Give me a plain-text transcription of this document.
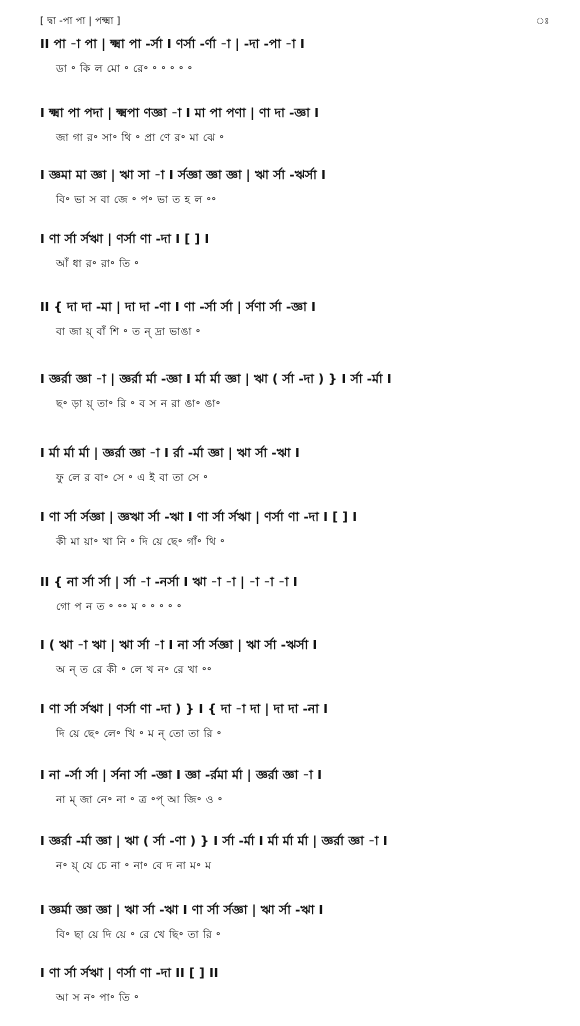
[ দ্বা -পা পা | পক্ষ্মা ]	ঃ
II পা -া পা | ক্ষ্মা পা -র্সা I ণর্সা -র্ণা -া | -দা -পা -া I
ডা ॰ কি ল মো ॰ রে॰ ॰ ॰ ॰ ॰ ॰
I ক্ষ্মা পা পদা | ক্ষ্মপা ণজ্ঞা -া I মা পা পণা | ণা দা -জ্ঞা I
জা গা র॰ সা॰ থি ॰ প্রা ণে র॰ মা ঝে ॰
I জ্ঞমা মা জ্ঞা | ঋা সা -া I র্সজ্ঞা জ্ঞা জ্ঞা | ঋা র্সা -ঋর্সা I
বি॰ ভা স বা জে ॰ প॰ ভা ত হ ল ॰॰
I ণা র্সা র্সঋা | ণর্সা ণা -দা I [ ] I
আঁ ধা র॰ রা॰ তি ॰
II { দা দা -মা | দা দা -ণা I ণা -র্সা র্সা | র্সণা র্সা -জ্ঞা I
বা জা য়্ বাঁ শি ॰ ত ন্ দ্রা ভাঙা ॰
I জ্ঞর্রা জ্ঞা -া | জ্ঞর্রা র্মা -জ্ঞা I র্মা র্মা জ্ঞা | ঋা ( র্সা -দা ) } I র্সা -র্মা I
ছ॰ ড়া য়্ তা॰ রি ॰ ব স ন রা ঙা॰ ঙা॰
I র্মা র্মা র্মা | জ্ঞর্রা জ্ঞা -া I র্রা -র্মা জ্ঞা | ঋা র্সা -ঋা I
ফু লে র বা॰ সে ॰ এ ই বা তা সে ॰
I ণা র্সা র্সজ্ঞা | জ্ঞঋা র্সা -ঋা I ণা র্সা র্সঋা | ণর্সা ণা -দা I [ ] I
কী মা য়া॰ খা নি ॰ দি য়ে ছে॰ গাঁ॰ থি ॰
II { না র্সা র্সা | র্সা -া -নর্সা I ঋা -া -া | -া -া -া I
গো প ন ত ॰ ॰॰ ম ॰ ॰ ॰ ॰ ॰
I ( ঋা -া ঋা | ঋা র্সা -া I না র্সা র্সজ্ঞা | ঋা র্সা -ঋর্সা I
অ ন্ ত রে কী ॰ লে খ ন॰ রে খা ॰॰
I ণা র্সা র্সঋা | ণর্সা ণা -দা ) } I { দা -া দা | দা দা -না I
দি য়ে ছে॰ লে॰ খি ॰ ম ন্ তো তা রি ॰
I না -র্সা র্সা | র্সনা র্সা -জ্ঞা I জ্ঞা -র্রমা র্মা | জ্ঞর্রা জ্ঞা -া I
না ম্ জা নে॰ না ॰ ত্র ॰প্ আ জি॰ ও ॰
I জ্ঞর্রা -র্মা জ্ঞা | ঋা ( র্সা -ণা ) } I র্সা -র্মা I র্মা র্মা র্মা | জ্ঞর্রা জ্ঞা -া I
ন॰ য়্ যে চে না ॰ না॰ বে দ না ম॰ ম
I জ্ঞর্মা জ্ঞা জ্ঞা | ঋা র্সা -ঋা I ণা র্সা র্সজ্ঞা | ঋা র্সা -ঋা I
বি॰ ছা য়ে দি য়ে ॰ রে খে ছি॰ তা রি ॰
I ণা র্সা র্সঋা | ণর্সা ণা -দা II [ ] II
আ স ন॰ পা॰ তি ॰
